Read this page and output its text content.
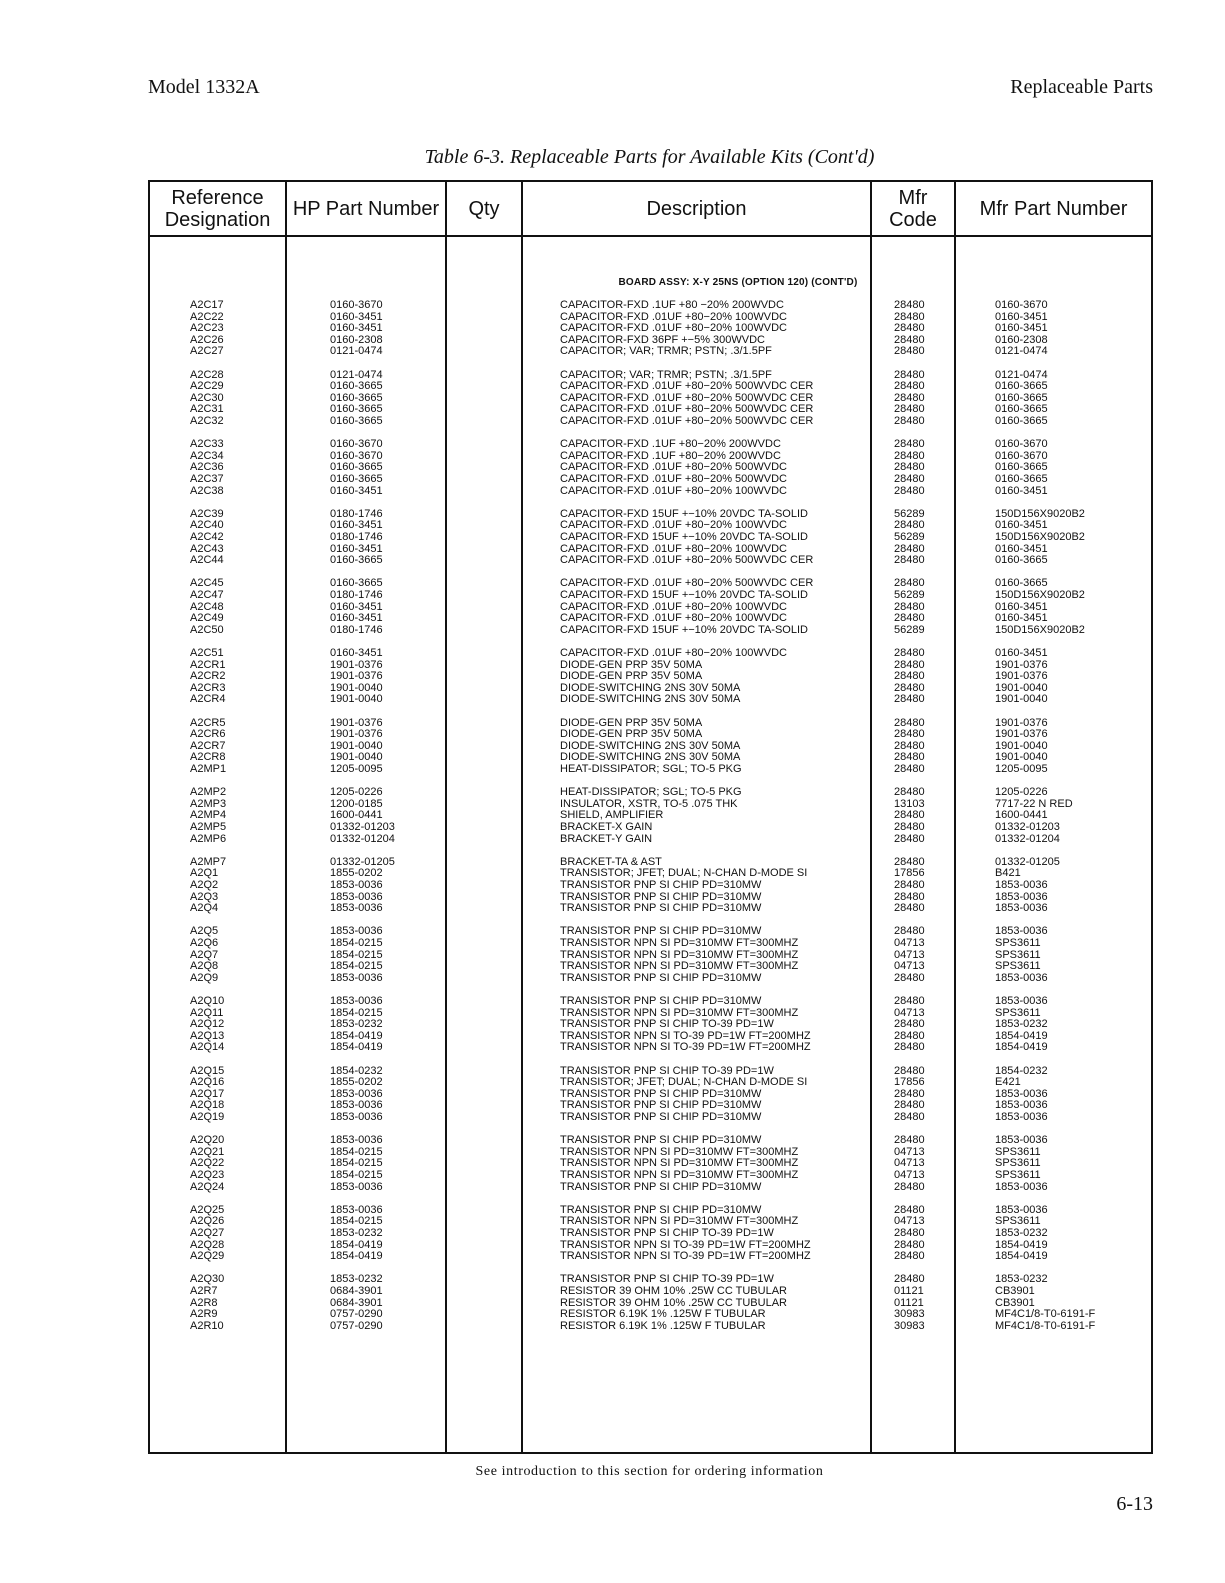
Model 1332A	Replaceable Parts
Table 6-3. Replaceable Parts for Available Kits (Cont'd)
Reference Designation	HP Part Number	Qty	Description	Mfr Code	Mfr Part Number
BOARD ASSY: X-Y 25NS (OPTION 120) (CONT'D)
A2C17	0160-3670	CAPACITOR-FXD .1UF +80 −20% 200WVDC	28480	0160-3670
A2C22	0160-3451	CAPACITOR-FXD .01UF +80−20% 100WVDC	28480	0160-3451
A2C23	0160-3451	CAPACITOR-FXD .01UF +80−20% 100WVDC	28480	0160-3451
A2C26	0160-2308	CAPACITOR-FXD 36PF +−5% 300WVDC	28480	0160-2308
A2C27	0121-0474	CAPACITOR; VAR; TRMR; PSTN; .3/1.5PF	28480	0121-0474
A2C28	0121-0474	CAPACITOR; VAR; TRMR; PSTN; .3/1.5PF	28480	0121-0474
A2C29	0160-3665	CAPACITOR-FXD .01UF +80−20% 500WVDC CER	28480	0160-3665
A2C30	0160-3665	CAPACITOR-FXD .01UF +80−20% 500WVDC CER	28480	0160-3665
A2C31	0160-3665	CAPACITOR-FXD .01UF +80−20% 500WVDC CER	28480	0160-3665
A2C32	0160-3665	CAPACITOR-FXD .01UF +80−20% 500WVDC CER	28480	0160-3665
A2C33	0160-3670	CAPACITOR-FXD .1UF +80−20% 200WVDC	28480	0160-3670
A2C34	0160-3670	CAPACITOR-FXD .1UF +80−20% 200WVDC	28480	0160-3670
A2C36	0160-3665	CAPACITOR-FXD .01UF +80−20% 500WVDC	28480	0160-3665
A2C37	0160-3665	CAPACITOR-FXD .01UF +80−20% 500WVDC	28480	0160-3665
A2C38	0160-3451	CAPACITOR-FXD .01UF +80−20% 100WVDC	28480	0160-3451
A2C39	0180-1746	CAPACITOR-FXD 15UF +−10% 20VDC TA-SOLID	56289	150D156X9020B2
A2C40	0160-3451	CAPACITOR-FXD .01UF +80−20% 100WVDC	28480	0160-3451
A2C42	0180-1746	CAPACITOR-FXD 15UF +−10% 20VDC TA-SOLID	56289	150D156X9020B2
A2C43	0160-3451	CAPACITOR-FXD .01UF +80−20% 100WVDC	28480	0160-3451
A2C44	0160-3665	CAPACITOR-FXD .01UF +80−20% 500WVDC CER	28480	0160-3665
A2C45	0160-3665	CAPACITOR-FXD .01UF +80−20% 500WVDC CER	28480	0160-3665
A2C47	0180-1746	CAPACITOR-FXD 15UF +−10% 20VDC TA-SOLID	56289	150D156X9020B2
A2C48	0160-3451	CAPACITOR-FXD .01UF +80−20% 100WVDC	28480	0160-3451
A2C49	0160-3451	CAPACITOR-FXD .01UF +80−20% 100WVDC	28480	0160-3451
A2C50	0180-1746	CAPACITOR-FXD 15UF +−10% 20VDC TA-SOLID	56289	150D156X9020B2
A2C51	0160-3451	CAPACITOR-FXD .01UF +80−20% 100WVDC	28480	0160-3451
A2CR1	1901-0376	DIODE-GEN PRP 35V 50MA	28480	1901-0376
A2CR2	1901-0376	DIODE-GEN PRP 35V 50MA	28480	1901-0376
A2CR3	1901-0040	DIODE-SWITCHING 2NS 30V 50MA	28480	1901-0040
A2CR4	1901-0040	DIODE-SWITCHING 2NS 30V 50MA	28480	1901-0040
A2CR5	1901-0376	DIODE-GEN PRP 35V 50MA	28480	1901-0376
A2CR6	1901-0376	DIODE-GEN PRP 35V 50MA	28480	1901-0376
A2CR7	1901-0040	DIODE-SWITCHING 2NS 30V 50MA	28480	1901-0040
A2CR8	1901-0040	DIODE-SWITCHING 2NS 30V 50MA	28480	1901-0040
A2MP1	1205-0095	HEAT-DISSIPATOR; SGL; TO-5 PKG	28480	1205-0095
A2MP2	1205-0226	HEAT-DISSIPATOR; SGL; TO-5 PKG	28480	1205-0226
A2MP3	1200-0185	INSULATOR, XSTR, TO-5 .075 THK	13103	7717-22 N RED
A2MP4	1600-0441	SHIELD, AMPLIFIER	28480	1600-0441
A2MP5	01332-01203	BRACKET-X GAIN	28480	01332-01203
A2MP6	01332-01204	BRACKET-Y GAIN	28480	01332-01204
A2MP7	01332-01205	BRACKET-TA & AST	28480	01332-01205
A2Q1	1855-0202	TRANSISTOR; JFET; DUAL; N-CHAN D-MODE SI	17856	B421
A2Q2	1853-0036	TRANSISTOR PNP SI CHIP PD=310MW	28480	1853-0036
A2Q3	1853-0036	TRANSISTOR PNP SI CHIP PD=310MW	28480	1853-0036
A2Q4	1853-0036	TRANSISTOR PNP SI CHIP PD=310MW	28480	1853-0036
A2Q5	1853-0036	TRANSISTOR PNP SI CHIP PD=310MW	28480	1853-0036
A2Q6	1854-0215	TRANSISTOR NPN SI PD=310MW FT=300MHZ	04713	SPS3611
A2Q7	1854-0215	TRANSISTOR NPN SI PD=310MW FT=300MHZ	04713	SPS3611
A2Q8	1854-0215	TRANSISTOR NPN SI PD=310MW FT=300MHZ	04713	SPS3611
A2Q9	1853-0036	TRANSISTOR PNP SI CHIP PD=310MW	28480	1853-0036
A2Q10	1853-0036	TRANSISTOR PNP SI CHIP PD=310MW	28480	1853-0036
A2Q11	1854-0215	TRANSISTOR NPN SI PD=310MW FT=300MHZ	04713	SPS3611
A2Q12	1853-0232	TRANSISTOR PNP SI CHIP TO-39 PD=1W	28480	1853-0232
A2Q13	1854-0419	TRANSISTOR NPN SI TO-39 PD=1W FT=200MHZ	28480	1854-0419
A2Q14	1854-0419	TRANSISTOR NPN SI TO-39 PD=1W FT=200MHZ	28480	1854-0419
A2Q15	1854-0232	TRANSISTOR PNP SI CHIP TO-39 PD=1W	28480	1854-0232
A2Q16	1855-0202	TRANSISTOR; JFET; DUAL; N-CHAN D-MODE SI	17856	E421
A2Q17	1853-0036	TRANSISTOR PNP SI CHIP PD=310MW	28480	1853-0036
A2Q18	1853-0036	TRANSISTOR PNP SI CHIP PD=310MW	28480	1853-0036
A2Q19	1853-0036	TRANSISTOR PNP SI CHIP PD=310MW	28480	1853-0036
A2Q20	1853-0036	TRANSISTOR PNP SI CHIP PD=310MW	28480	1853-0036
A2Q21	1854-0215	TRANSISTOR NPN SI PD=310MW FT=300MHZ	04713	SPS3611
A2Q22	1854-0215	TRANSISTOR NPN SI PD=310MW FT=300MHZ	04713	SPS3611
A2Q23	1854-0215	TRANSISTOR NPN SI PD=310MW FT=300MHZ	04713	SPS3611
A2Q24	1853-0036	TRANSISTOR PNP SI CHIP PD=310MW	28480	1853-0036
A2Q25	1853-0036	TRANSISTOR PNP SI CHIP PD=310MW	28480	1853-0036
A2Q26	1854-0215	TRANSISTOR NPN SI PD=310MW FT=300MHZ	04713	SPS3611
A2Q27	1853-0232	TRANSISTOR PNP SI CHIP TO-39 PD=1W	28480	1853-0232
A2Q28	1854-0419	TRANSISTOR NPN SI TO-39 PD=1W FT=200MHZ	28480	1854-0419
A2Q29	1854-0419	TRANSISTOR NPN SI TO-39 PD=1W FT=200MHZ	28480	1854-0419
A2Q30	1853-0232	TRANSISTOR PNP SI CHIP TO-39 PD=1W	28480	1853-0232
A2R7	0684-3901	RESISTOR 39 OHM 10% .25W CC TUBULAR	01121	CB3901
A2R8	0684-3901	RESISTOR 39 OHM 10% .25W CC TUBULAR	01121	CB3901
A2R9	0757-0290	RESISTOR 6.19K 1% .125W F TUBULAR	30983	MF4C1/8-T0-6191-F
A2R10	0757-0290	RESISTOR 6.19K 1% .125W F TUBULAR	30983	MF4C1/8-T0-6191-F
See introduction to this section for ordering information
6-13
